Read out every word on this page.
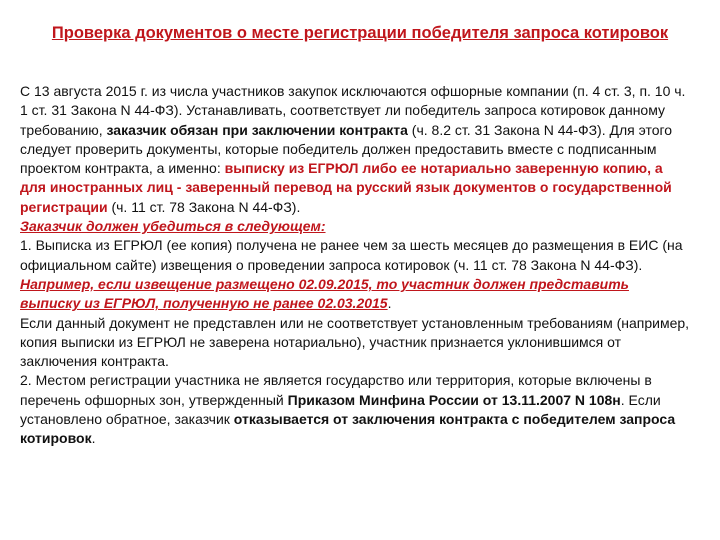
Проверка документов о месте регистрации победителя запроса котировок

С 13 августа 2015 г. из числа участников закупок исключаются офшорные компании (п. 4 ст. 3, п. 10 ч. 1 ст. 31 Закона N 44-ФЗ). Устанавливать, соответствует ли победитель запроса котировок данному требованию, заказчик обязан при заключении контракта (ч. 8.2 ст. 31 Закона N 44-ФЗ). Для этого следует проверить документы, которые победитель должен предоставить вместе с подписанным проектом контракта, а именно: выписку из ЕГРЮЛ либо ее нотариально заверенную копию, а для иностранных лиц - заверенный перевод на русский язык документов о государственной регистрации (ч. 11 ст. 78 Закона N 44-ФЗ).

Заказчик должен убедиться в следующем:

1. Выписка из ЕГРЮЛ (ее копия) получена не ранее чем за шесть месяцев до размещения в ЕИС (на официальном сайте) извещения о проведении запроса котировок (ч. 11 ст. 78 Закона N 44-ФЗ).

Например, если извещение размещено 02.09.2015, то участник должен представить выписку из ЕГРЮЛ, полученную не ранее 02.03.2015.

Если данный документ не представлен или не соответствует установленным требованиям (например, копия выписки из ЕГРЮЛ не заверена нотариально), участник признается уклонившимся от заключения контракта.

2. Местом регистрации участника не является государство или территория, которые включены в перечень офшорных зон, утвержденный Приказом Минфина России от 13.11.2007 N 108н. Если установлено обратное, заказчик отказывается от заключения контракта с победителем запроса котировок.
